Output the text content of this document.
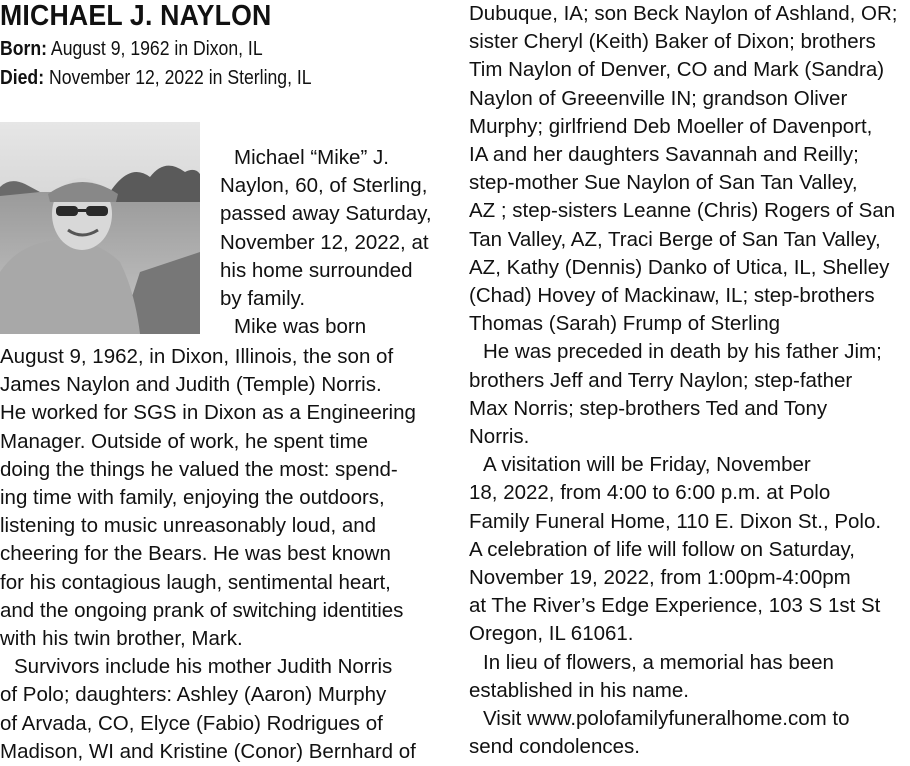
MICHAEL J. NAYLON
Born: August 9, 1962 in Dixon, IL
Died: November 12, 2022 in Sterling, IL
Michael “Mike” J.
Naylon, 60, of Sterling,
passed away Saturday,
November 12, 2022, at
his home surrounded
by family.
Mike was born
August 9, 1962, in Dixon, Illinois, the son of
James Naylon and Judith (Temple) Norris.
He worked for SGS in Dixon as a Engineering
Manager. Outside of work, he spent time
doing the things he valued the most: spend-
ing time with family, enjoying the outdoors,
listening to music unreasonably loud, and
cheering for the Bears. He was best known
for his contagious laugh, sentimental heart,
and the ongoing prank of switching identities
with his twin brother, Mark.
Survivors include his mother Judith Norris
of Polo; daughters: Ashley (Aaron) Murphy
of Arvada, CO, Elyce (Fabio) Rodrigues of
Madison, WI and Kristine (Conor) Bernhard of
Dubuque, IA; son Beck Naylon of Ashland, OR;
sister Cheryl (Keith) Baker of Dixon; brothers
Tim Naylon of Denver, CO and Mark (Sandra)
Naylon of Greeenville IN; grandson Oliver
Murphy; girlfriend Deb Moeller of Davenport,
IA and her daughters Savannah and Reilly;
step-mother Sue Naylon of San Tan Valley,
AZ ; step-sisters Leanne (Chris) Rogers of San
Tan Valley, AZ, Traci Berge of San Tan Valley,
AZ, Kathy (Dennis) Danko of Utica, IL, Shelley
(Chad) Hovey of Mackinaw, IL; step-brothers
Thomas (Sarah) Frump of Sterling
He was preceded in death by his father Jim;
brothers Jeff and Terry Naylon; step-father
Max Norris; step-brothers Ted and Tony
Norris.
A visitation will be Friday, November
18, 2022, from 4:00 to 6:00 p.m. at Polo
Family Funeral Home, 110 E. Dixon St., Polo.
A celebration of life will follow on Saturday,
November 19, 2022, from 1:00pm-4:00pm
at The River’s Edge Experience, 103 S 1st St
Oregon, IL 61061.
In lieu of flowers, a memorial has been
established in his name.
Visit www.polofamilyfuneralhome.com to
send condolences.
